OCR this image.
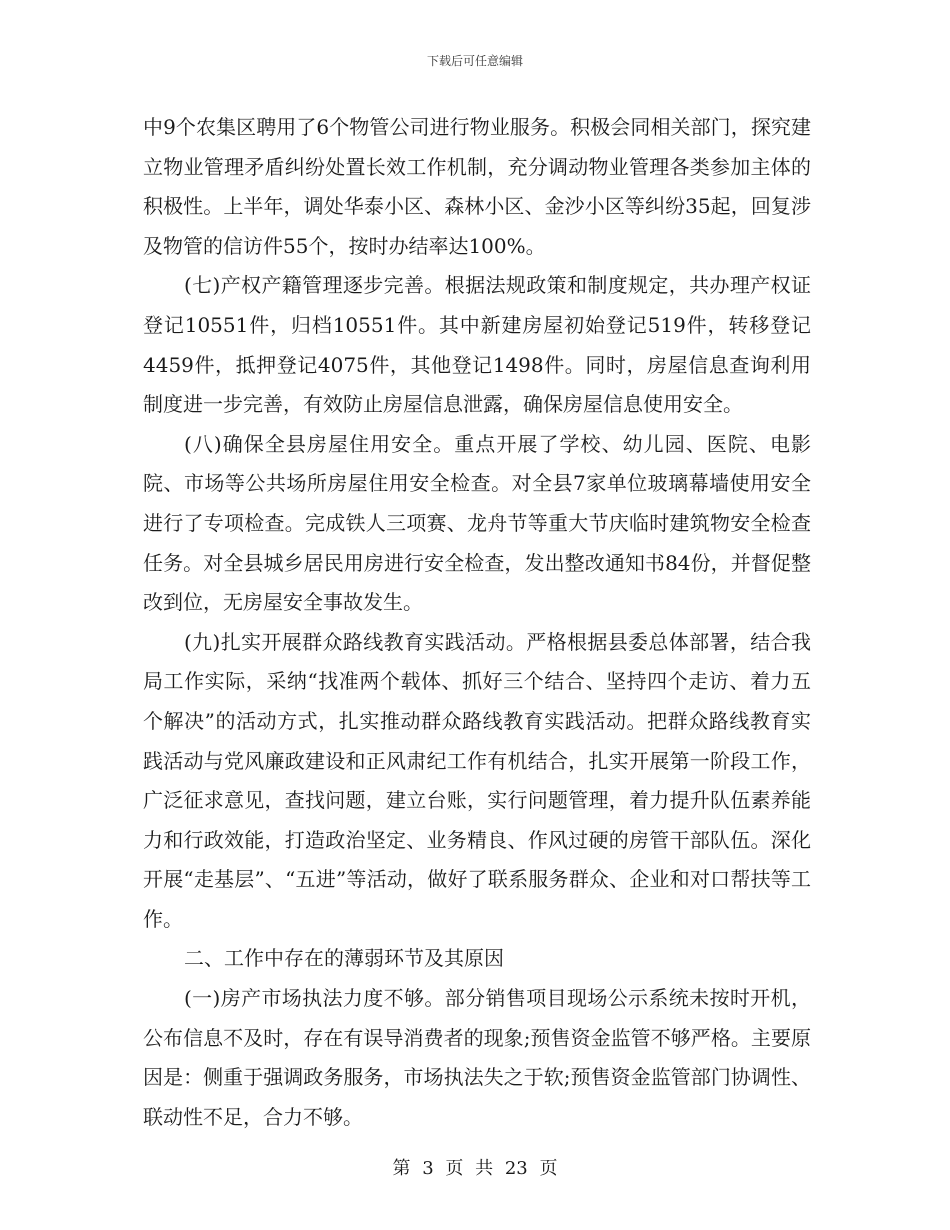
下载后可任意编辑

中9个农集区聘用了6个物管公司进行物业服务。积极会同相关部门，探究建立物业管理矛盾纠纷处置长效工作机制，充分调动物业管理各类参加主体的积极性。上半年，调处华泰小区、森林小区、金沙小区等纠纷35起，回复涉及物管的信访件55个，按时办结率达100%。

(七)产权产籍管理逐步完善。根据法规政策和制度规定，共办理产权证登记10551件，归档10551件。其中新建房屋初始登记519件，转移登记4459件，抵押登记4075件，其他登记1498件。同时，房屋信息查询利用制度进一步完善，有效防止房屋信息泄露，确保房屋信息使用安全。

(八)确保全县房屋住用安全。重点开展了学校、幼儿园、医院、电影院、市场等公共场所房屋住用安全检查。对全县7家单位玻璃幕墙使用安全进行了专项检查。完成铁人三项赛、龙舟节等重大节庆临时建筑物安全检查任务。对全县城乡居民用房进行安全检查，发出整改通知书84份，并督促整改到位，无房屋安全事故发生。

(九)扎实开展群众路线教育实践活动。严格根据县委总体部署，结合我局工作实际，采纳“找准两个载体、抓好三个结合、坚持四个走访、着力五个解决”的活动方式，扎实推动群众路线教育实践活动。把群众路线教育实践活动与党风廉政建设和正风肃纪工作有机结合，扎实开展第一阶段工作，广泛征求意见，查找问题，建立台账，实行问题管理，着力提升队伍素养能力和行政效能，打造政治坚定、业务精良、作风过硬的房管干部队伍。深化开展“走基层”、“五进”等活动，做好了联系服务群众、企业和对口帮扶等工作。

二、工作中存在的薄弱环节及其原因

(一)房产市场执法力度不够。部分销售项目现场公示系统未按时开机，公布信息不及时，存在有误导消费者的现象;预售资金监管不够严格。主要原因是：侧重于强调政务服务，市场执法失之于软;预售资金监管部门协调性、联动性不足，合力不够。

第 3 页 共 23 页
